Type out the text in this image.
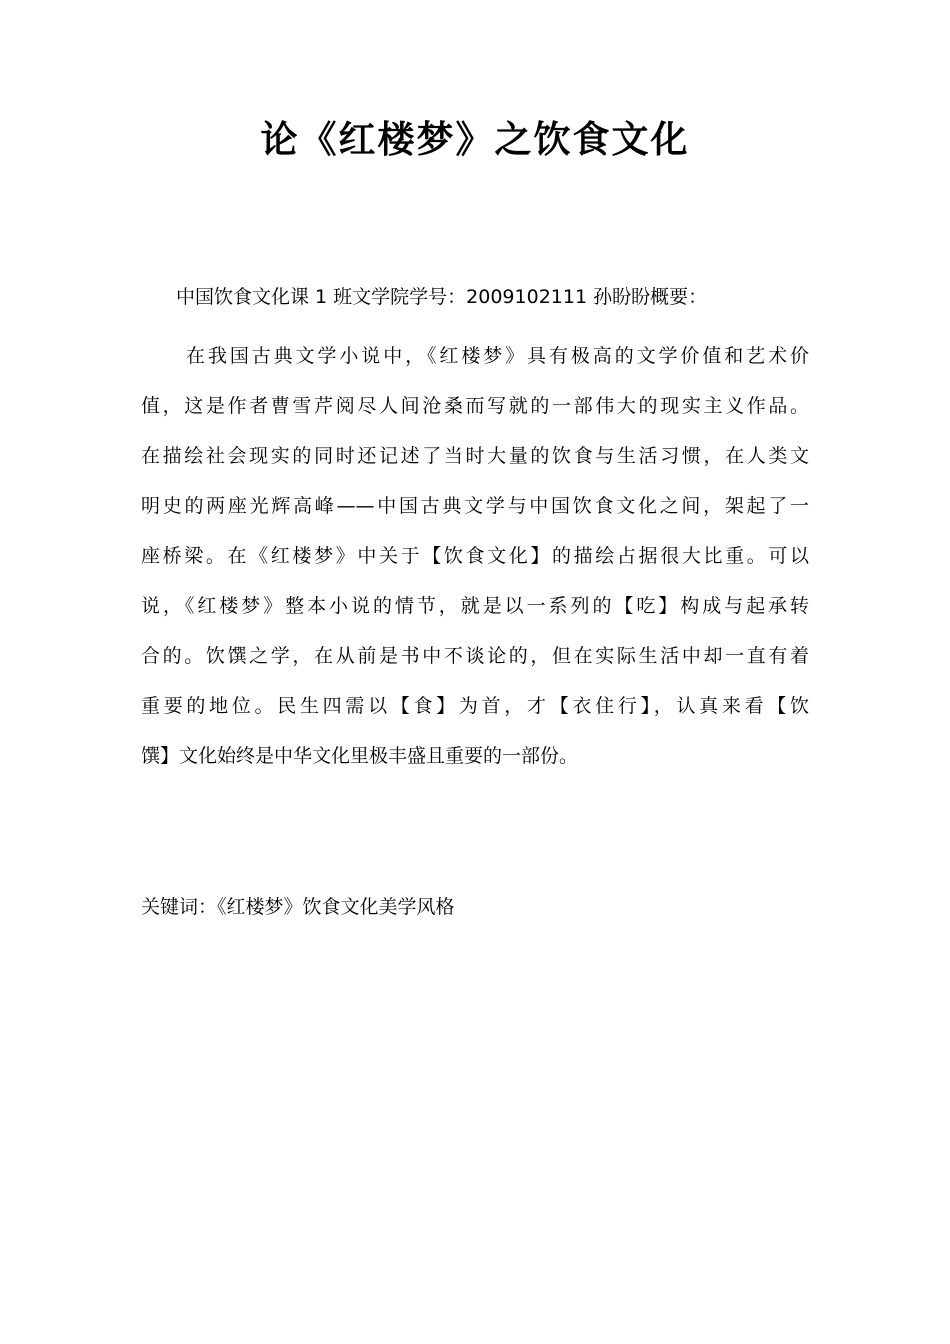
论《红楼梦》之饮食文化
中国饮食文化课 1 班文学院学号：2009102111 孙盼盼概要：
在我国古典文学小说中，《红楼梦》具有极高的文学价值和艺术价
值，这是作者曹雪芹阅尽人间沧桑而写就的一部伟大的现实主义作品。
在描绘社会现实的同时还记述了当时大量的饮食与生活习惯，在人类文
明史的两座光辉高峰——中国古典文学与中国饮食文化之间，架起了一
座桥梁。在《红楼梦》中关于【饮食文化】的描绘占据很大比重。可以
说，《红楼梦》整本小说的情节，就是以一系列的【吃】构成与起承转
合的。饮馔之学，在从前是书中不谈论的，但在实际生活中却一直有着
重要的地位。民生四需以【食】为首，才【衣住行】，认真来看【饮
馔】文化始终是中华文化里极丰盛且重要的一部份。
关键词：《红楼梦》饮食文化美学风格
